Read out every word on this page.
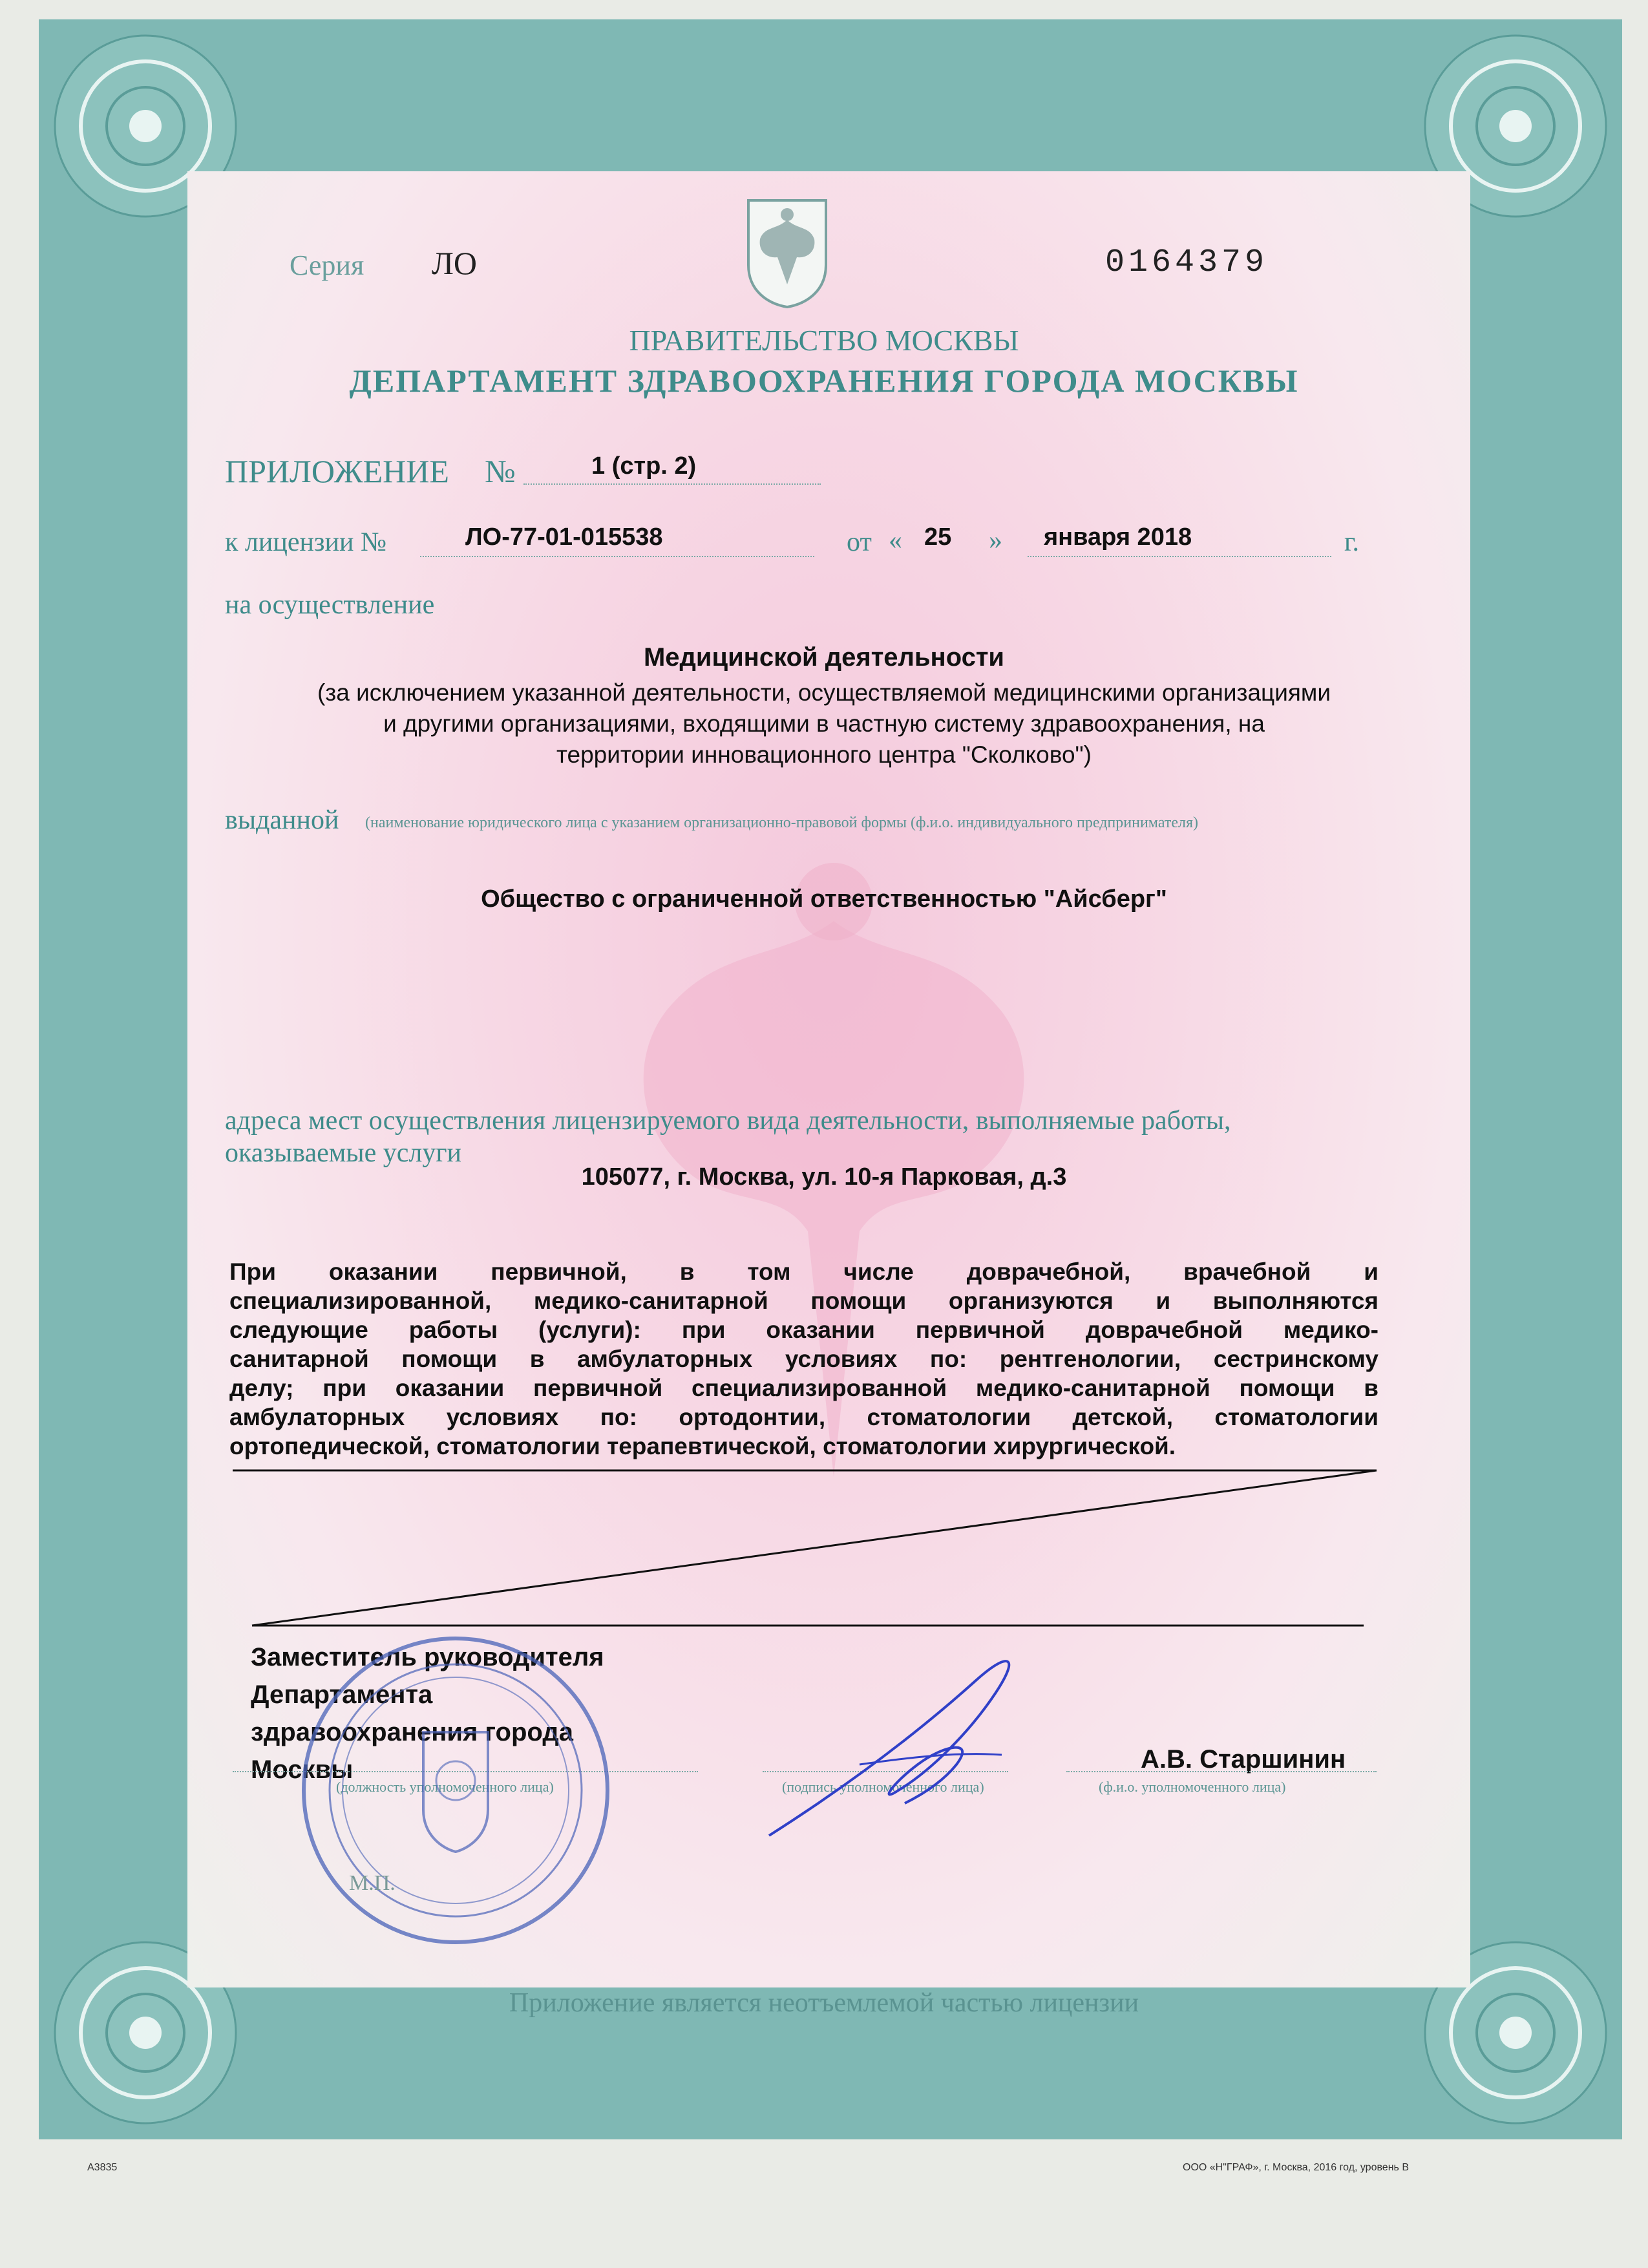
Серия ЛО	0164379
ПРАВИТЕЛЬСТВО МОСКВЫ
ДЕПАРТАМЕНТ ЗДРАВООХРАНЕНИЯ ГОРОДА МОСКВЫ
ПРИЛОЖЕНИЕ №	1 (стр. 2)
к лицензии №	ЛО-77-01-015538	от « 25 » января 2018	г.
на осуществление
Медицинской деятельности
(за исключением указанной деятельности, осуществляемой медицинскими организациями
и другими организациями, входящими в частную систему здравоохранения, на
территории инновационного центра "Сколково")
выданной (наименование юридического лица с указанием организационно-правовой формы (ф.и.о. индивидуального предпринимателя)
Общество с ограниченной ответственностью "Айсберг"
адреса мест осуществления лицензируемого вида деятельности, выполняемые работы,
оказываемые услуги
105077, г. Москва, ул. 10-я Парковая, д.3
При оказании первичной, в том числе доврачебной, врачебной и
специализированной, медико-санитарной помощи организуются и выполняются
следующие работы (услуги): при оказании первичной доврачебной медико-
санитарной помощи в амбулаторных условиях по: рентгенологии, сестринскому
делу; при оказании первичной специализированной медико-санитарной помощи в
амбулаторных условиях по: ортодонтии, стоматологии детской, стоматологии
ортопедической, стоматологии терапевтической, стоматологии хирургической.
Заместитель руководителя
Департамента
здравоохранения города
Москвы	А.В. Старшинин
(должность уполномоченного лица)	(подпись уполномоченного лица)	(ф.и.о. уполномоченного лица)
М.П.
Приложение является неотъемлемой частью лицензии
А3835	ООО «Н"ГРАФ», г. Москва, 2016 год, уровень В
